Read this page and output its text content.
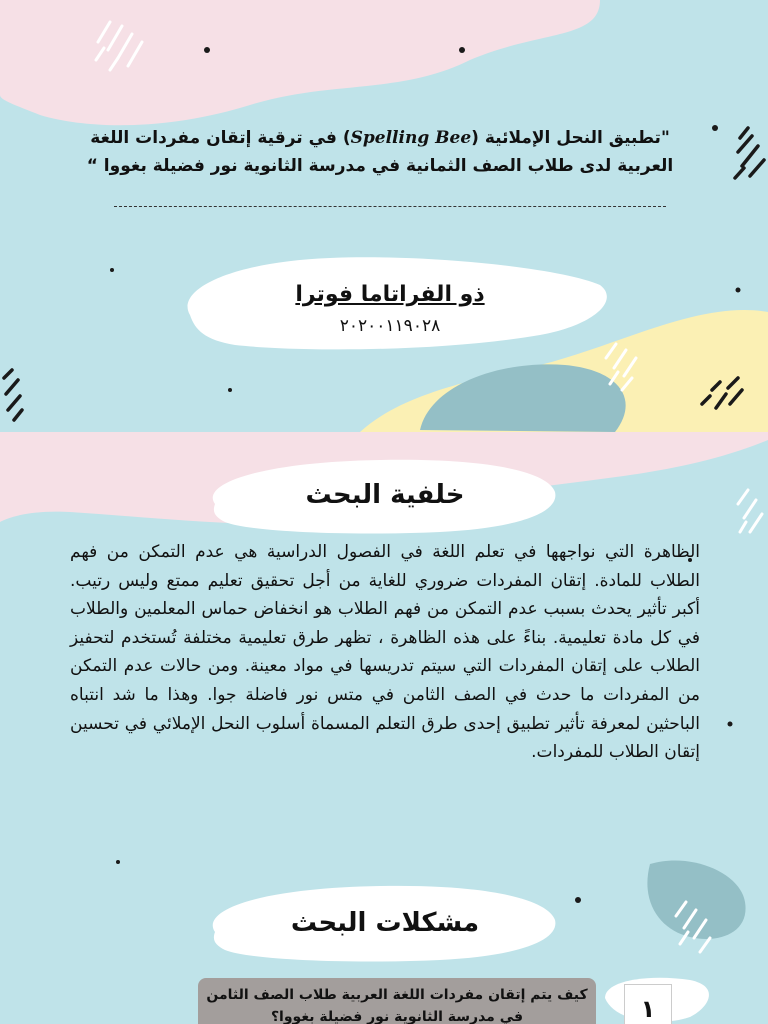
"تطبيق النحل الإملائية (Spelling Bee) في ترقية إتقان مفردات اللغة العربية لدى طلاب الصف الثمانية في مدرسة الثانوية نور فضيلة بغووا “
ذو الفراتاما فوترا
٢٠٢٠٠١١٩٠٢٨
خلفية البحث
الظاهرة التي نواجهها في تعلم اللغة في الفصول الدراسية هي عدم التمكن من فهم الطلاب للمادة. إتقان المفردات ضروري للغاية من أجل تحقيق تعليم ممتع وليس رتيب. أكبر تأثير يحدث بسبب عدم التمكن من فهم الطلاب هو انخفاض حماس المعلمين والطلاب في كل مادة تعليمية. بناءً على هذه الظاهرة ، تظهر طرق تعليمية مختلفة تُستخدم لتحفيز الطلاب على إتقان المفردات التي سيتم تدريسها في مواد معينة. ومن حالات عدم التمكن من المفردات ما حدث في الصف الثامن في متس نور فاضلة جوا. وهذا ما شد انتباه الباحثين لمعرفة تأثير تطبيق إحدى طرق التعلم المسماة أسلوب النحل الإملائي في تحسين إتقان الطلاب للمفردات.
مشكلات البحث
كيف يتم إتقان مفردات اللغة العربية طلاب الصف الثامن في مدرسة الثانوية نور فضيلة بغووا؟	١
